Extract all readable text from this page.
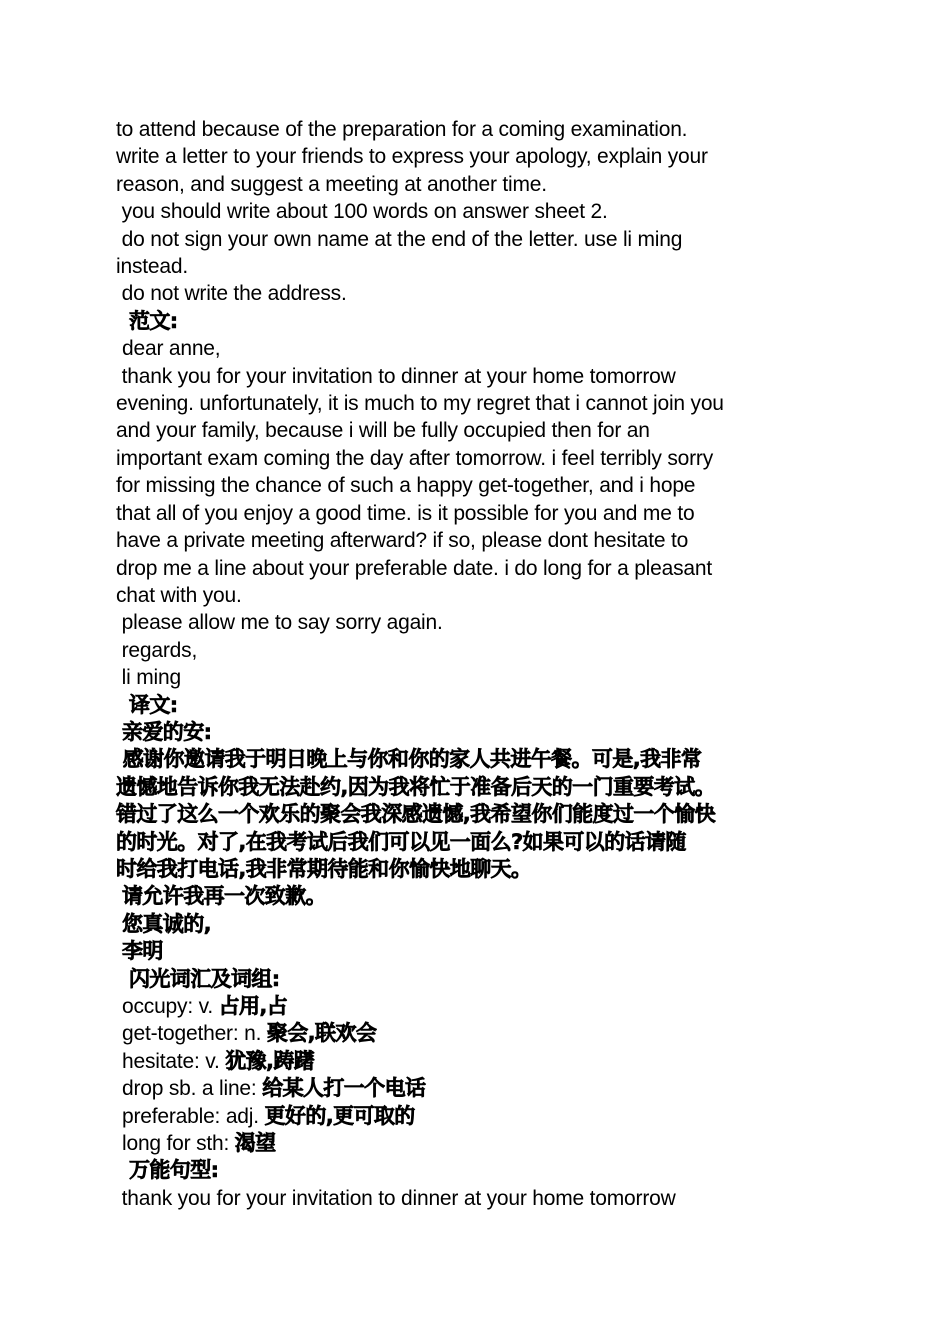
to attend because of the preparation for a coming examination.
write a letter to your friends to express your apology, explain your
reason, and suggest a meeting at another time.
you should write about 100 words on answer sheet 2.
do not sign your own name at the end of the letter. use li ming
instead.
do not write the address.
范文:
dear anne,
thank you for your invitation to dinner at your home tomorrow
evening. unfortunately, it is much to my regret that i cannot join you
and your family, because i will be fully occupied then for an
important exam coming the day after tomorrow. i feel terribly sorry
for missing the chance of such a happy get-together, and i hope
that all of you enjoy a good time. is it possible for you and me to
have a private meeting afterward? if so, please dont hesitate to
drop me a line about your preferable date. i do long for a pleasant
chat with you.
please allow me to say sorry again.
regards,
li ming
译文:
亲爱的安:
感谢你邀请我于明日晚上与你和你的家人共进午餐。可是,我非常
遗憾地告诉你我无法赴约,因为我将忙于准备后天的一门重要考试。
错过了这么一个欢乐的聚会我深感遗憾,我希望你们能度过一个愉快
的时光。对了,在我考试后我们可以见一面么?如果可以的话请随
时给我打电话,我非常期待能和你愉快地聊天。
请允许我再一次致歉。
您真诚的,
李明
闪光词汇及词组:
occupy: v. 占用,占
get-together: n. 聚会,联欢会
hesitate: v. 犹豫,踌躇
drop sb. a line: 给某人打一个电话
preferable: adj. 更好的,更可取的
long for sth: 渴望
万能句型:
thank you for your invitation to dinner at your home tomorrow
